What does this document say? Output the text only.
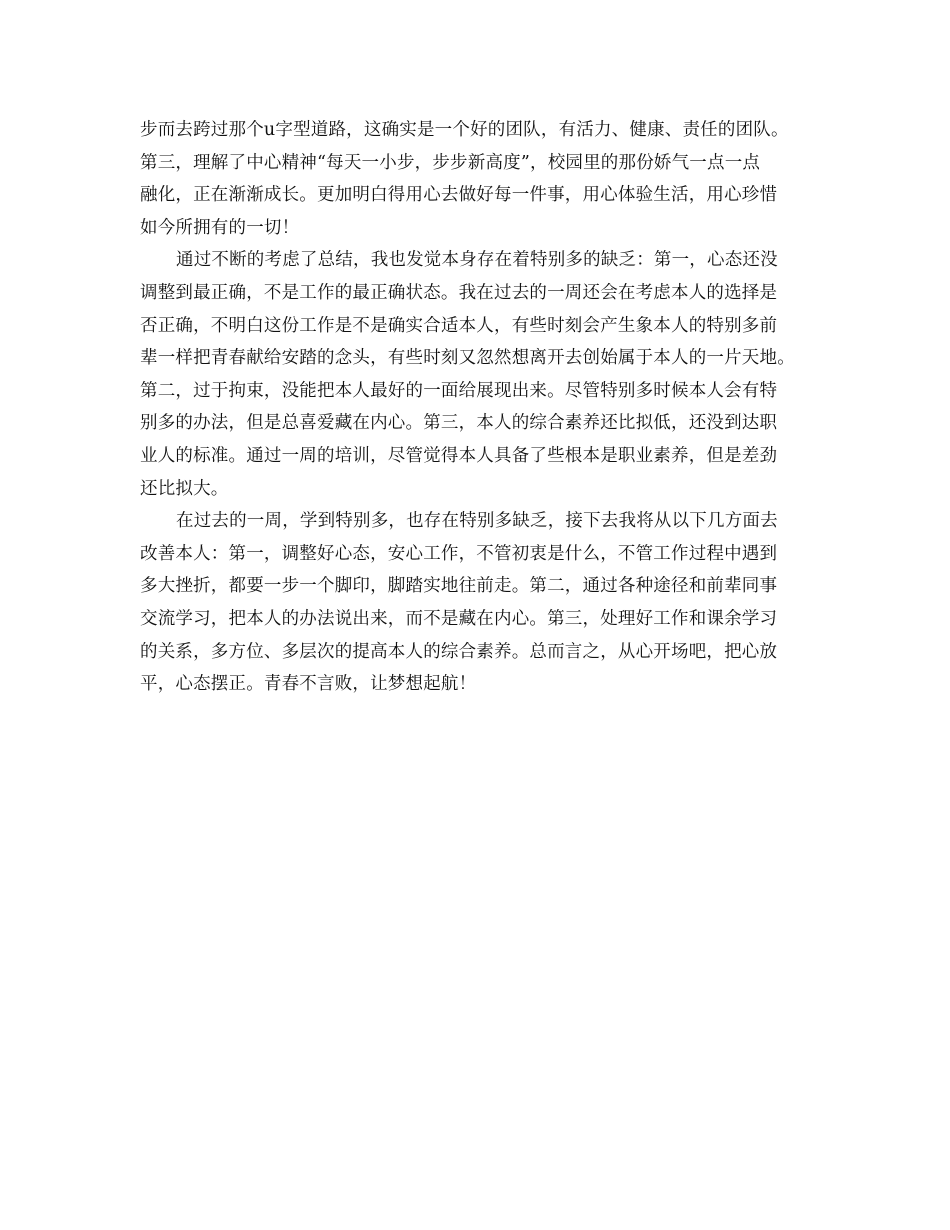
步而去跨过那个u字型道路，这确实是一个好的团队，有活力、健康、责任的团队。
第三，理解了中心精神“每天一小步，步步新高度”，校园里的那份娇气一点一点
融化，正在渐渐成长。更加明白得用心去做好每一件事，用心体验生活，用心珍惜
如今所拥有的一切！
通过不断的考虑了总结，我也发觉本身存在着特别多的缺乏：第一，心态还没
调整到最正确，不是工作的最正确状态。我在过去的一周还会在考虑本人的选择是
否正确，不明白这份工作是不是确实合适本人，有些时刻会产生象本人的特别多前
辈一样把青春献给安踏的念头，有些时刻又忽然想离开去创始属于本人的一片天地。
第二，过于拘束，没能把本人最好的一面给展现出来。尽管特别多时候本人会有特
别多的办法，但是总喜爱藏在内心。第三，本人的综合素养还比拟低，还没到达职
业人的标准。通过一周的培训，尽管觉得本人具备了些根本是职业素养，但是差劲
还比拟大。
在过去的一周，学到特别多，也存在特别多缺乏，接下去我将从以下几方面去
改善本人：第一，调整好心态，安心工作，不管初衷是什么，不管工作过程中遇到
多大挫折，都要一步一个脚印，脚踏实地往前走。第二，通过各种途径和前辈同事
交流学习，把本人的办法说出来，而不是藏在内心。第三，处理好工作和课余学习
的关系，多方位、多层次的提高本人的综合素养。总而言之，从心开场吧，把心放
平，心态摆正。青春不言败，让梦想起航！
